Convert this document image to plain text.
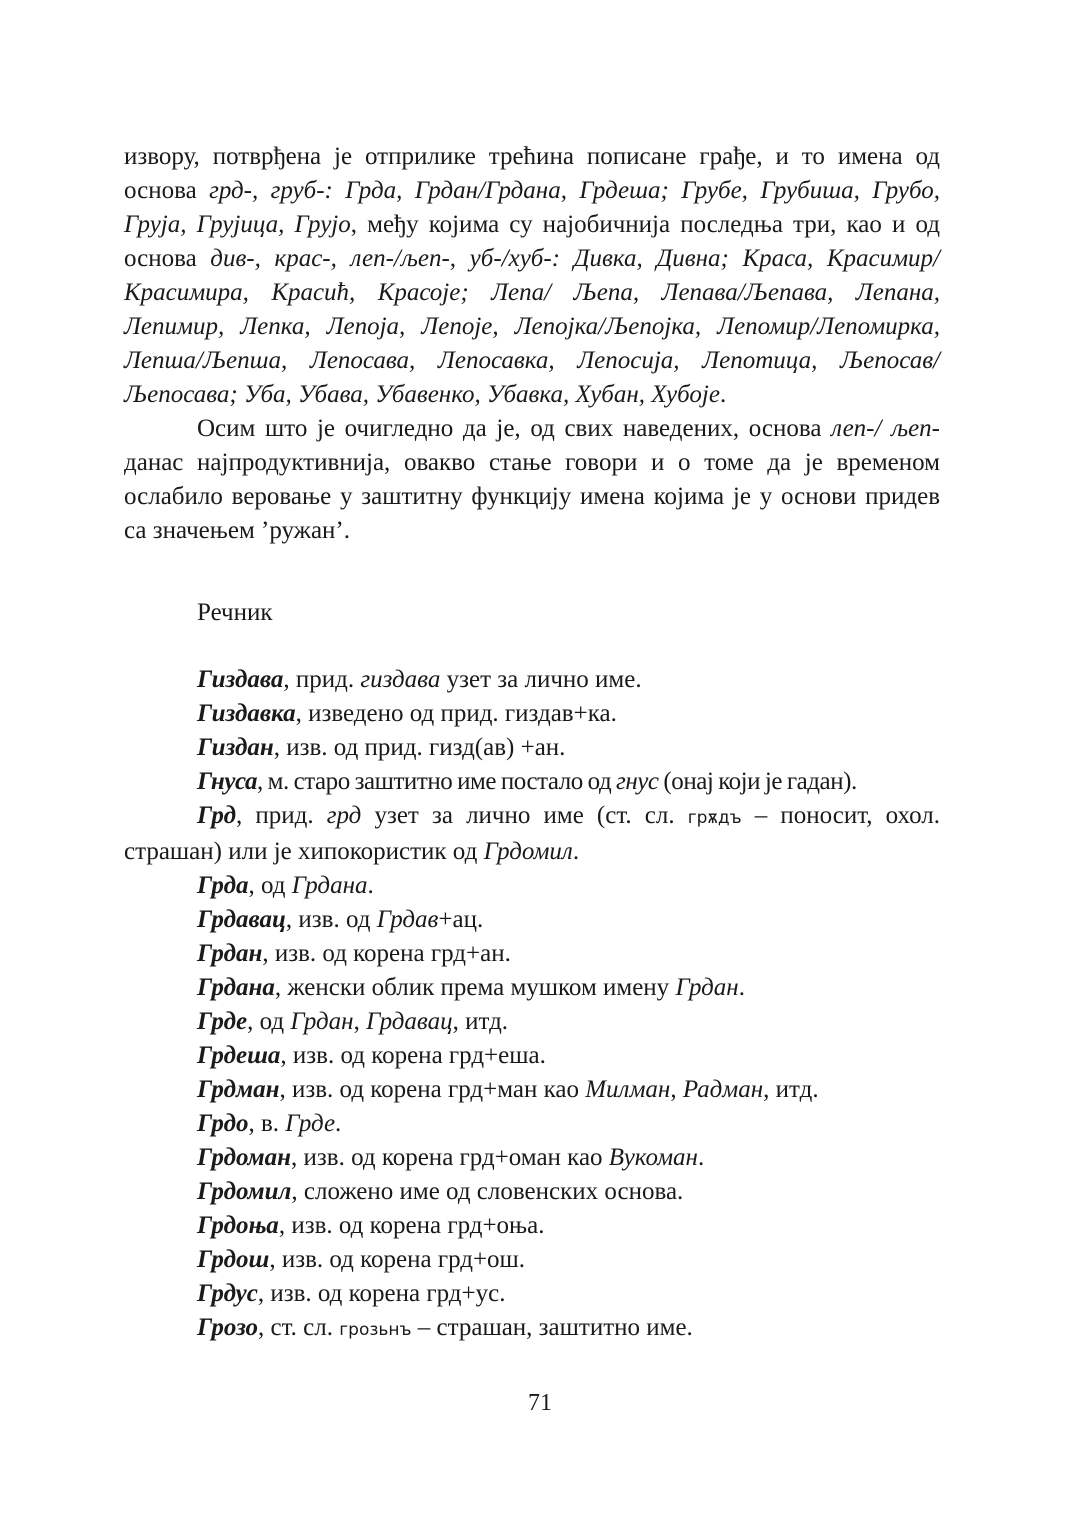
извору, потврђена је отприлике трећина пописане грађе, и то имена од основа грд-, груб-: Грда, Грдан/Грдана, Грдеша; Грубе, Грубиша, Грубо, Груја, Грујица, Грујо, међу којима су најобичнија последња три, као и од основа див-, крас-, леп-/љеп-, уб-/хуб-: Дивка, Дивна; Краса, Красимир/ Красимира, Красић, Красоје; Лепа/ Љепа, Лепава/Љепава, Лепана, Лепимир, Лепка, Лепоја, Лепоје, Лепојка/Љепојка, Лепомир/Лепомирка, Лепша/Љепша, Лепосава, Лепосавка, Лепосија, Лепотица, Љепосав/Љепосава; Уба, Убава, Убавенко, Убавка, Хубан, Хубоје.

Осим што је очигледно да је, од свих наведених, основа леп-/ љеп- данас најпродуктивнија, овакво стање говори и о томе да је временом ослабило веровање у заштитну функцију имена којима је у основи придев са значењем ’ружан’.

Речник
Гиздава, прид. гиздава узет за лично име.
Гиздавка, изведено од прид. гиздав+ка.
Гиздан, изв. од прид. гизд(ав) +ан.
Гнуса, м. старо заштитно име постало од гнус (онај који је гадан).
Грд, прид. грд узет за лично име (ст. сл. грѫдъ – поносит, охол. страшан) или је хипокористик од Грдомил.
Грда, од Грдана.
Грдавац, изв. од Грдав+ац.
Грдан, изв. од корена грд+ан.
Грдана, женски облик према мушком имену Грдан.
Грде, од Грдан, Грдавац, итд.
Грдеша, изв. од корена грд+еша.
Грдман, изв. од корена грд+ман као Милман, Радман, итд.
Грдо, в. Грде.
Грдоман, изв. од корена грд+оман као Вукоман.
Грдомил, сложено име од словенских основа.
Грдоња, изв. од корена грд+оња.
Грдош, изв. од корена грд+ош.
Грдус, изв. од корена грд+ус.
Грозо, ст. сл. грозьнъ – страшан, заштитно име.
71
